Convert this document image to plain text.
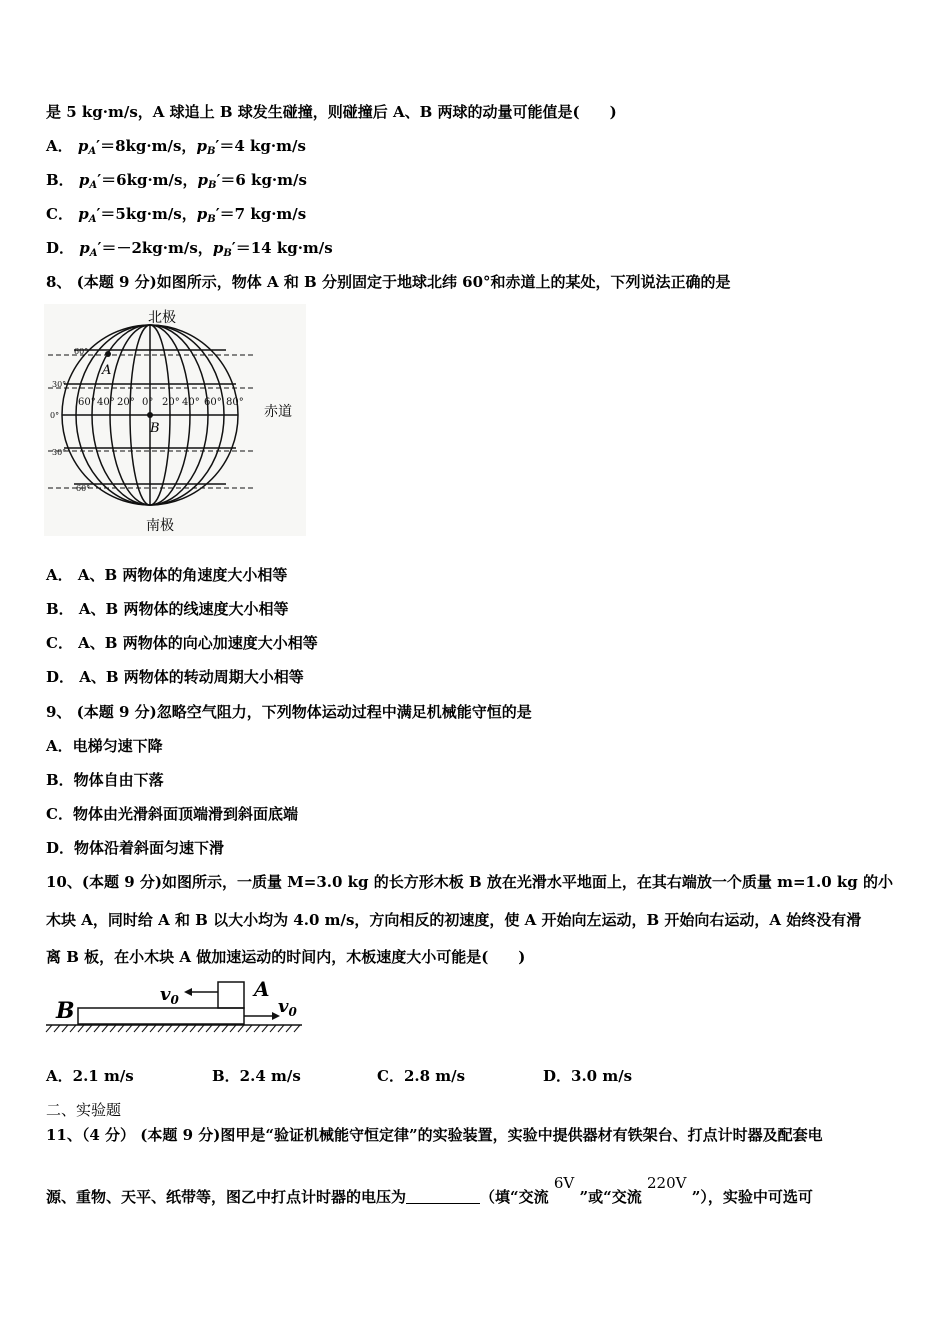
是 5 kg·m/s，A 球追上 B 球发生碰撞，则碰撞后 A、B 两球的动量可能值是(　　)
A． $p_A'=8kg\cdot m/s$，$p_B'=4$ kg·m/s
B． $p_A'=6kg\cdot m/s$，$p_B'=6$ kg·m/s
C． $p_A'=5kg\cdot m/s$，$p_B'=7$ kg·m/s
D． $p_A'=-2kg\cdot m/s$，$p_B'=14$ kg·m/s
8、 (本题 9 分)如图所示，物体 A 和 B 分别固定于地球北纬 60°和赤道上的某处，下列说法正确的是
北极
南极
赤道
60°
30°
0°
30°
60°
60° 40° 20° 0° 20° 40° 60° 80°
A
B
A． A、B 两物体的角速度大小相等
B． A、B 两物体的线速度大小相等
C． A、B 两物体的向心加速度大小相等
D． A、B 两物体的转动周期大小相等
9、 (本题 9 分)忽略空气阻力，下列物体运动过程中满足机械能守恒的是
A．电梯匀速下降
B．物体自由下落
C．物体由光滑斜面顶端滑到斜面底端
D．物体沿着斜面匀速下滑
10、(本题 9 分)如图所示，一质量 M=3.0 kg 的长方形木板 B 放在光滑水平地面上，在其右端放一个质量 m=1.0 kg 的小
木块 A，同时给 A 和 B 以大小均为 4.0 m/s，方向相反的初速度，使 A 开始向左运动，B 开始向右运动，A 始终没有滑
离 B 板，在小木块 A 做加速运动的时间内，木板速度大小可能是(　　)
B
A
$v_0$	$v_0$
A．2.1 m/s	B．2.4 m/s	C．2.8 m/s	D．3.0 m/s
二、实验题
11、（4 分） (本题 9 分)图甲是“验证机械能守恒定律”的实验装置，实验中提供器材有铁架台、打点计时器及配套电
源、重物、天平、纸带等，图乙中打点计时器的电压为	（填“交流 6V ”或“交流 220V ”），实验中可选可
